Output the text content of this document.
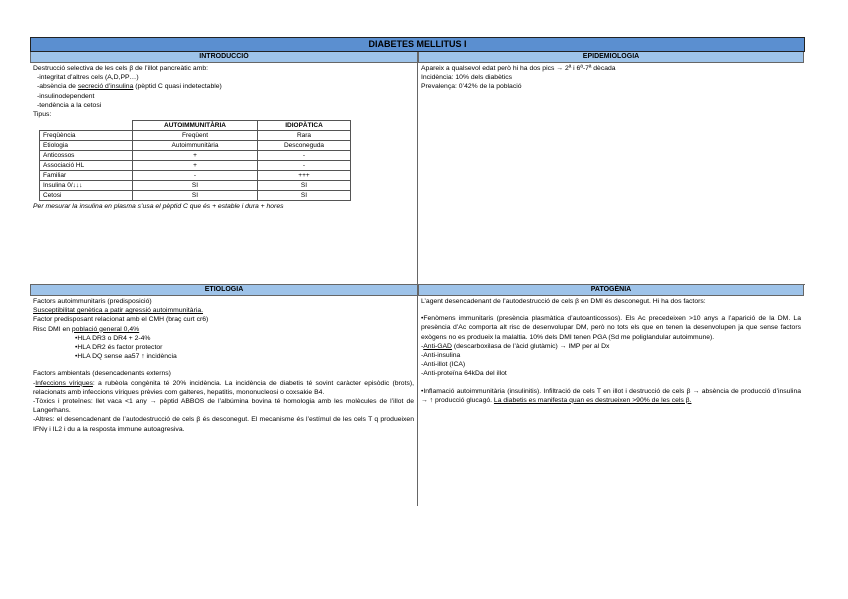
DIABETES MELLITUS I
INTRODUCCIÓ

Destrucció selectiva de les cels β de l’illot pancreàtic amb:

-integritat d’altres cels (A,D,PP…)

-absència de secreció d’insulina (pèptid C quasi indetectable)

-insulinodependent

-tendència a la cetosi

Tipus:

	AUTOIMMUNITÀRIA	IDIOPÀTICA
Freqüència	Freqüent	Rara
Etiologia	Autoimmunitària	Desconeguda
Anticossos	+	-
Associació HL	+	-
Familiar	-	+++
Insulina 0/↓↓↓	SI	SI
Cetosi	SI	SI

Per mesurar la insulina en plasma s’usa el pèptid C que és + estable i dura + hores

EPIDEMIOLOGIA

Apareix a qualsevol edat però hi ha dos pics → 2ª i 6ª-7ª dècada

Incidència: 10% dels diabètics

Prevalença: 0’42% de la població

ETIOLOGIA

Factors autoimmunitaris (predisposició)

Susceptibilitat genètica a patir agressió autoimmunitària.

Factor predisposant relacionat amb el CMH (braç curt cr6)

Risc DMI en població general 0,4%

•HLA DR3 o DR4 + 2-4%

•HLA DR2 és factor protector

•HLA DQ sense aa57 ↑ incidència

Factors ambientals (desencadenants externs)

-Infeccions víriques: a rubèola congènita té 20% incidència. La incidència de diabetis té sovint caràcter episòdic (brots), relacionats amb infeccions víriques prèvies com galteres, hepatitis, mononucleosi o coxsakie B4.

-Tòxics i proteïnes: llet vaca <1 any → pèptid ABBOS de l’albúmina bovina té homologia amb les molècules de l’illot de Langerhans.

-Altres: el desencadenant de l’autodestrucció de cels β és desconegut. El mecanisme és l’estímul de les cels T q produeixen IFNγ i IL2 i du a la resposta immune autoagresiva.

PATOGÈNIA

L’agent desencadenant de l’autodestrucció de cels β en DMI és desconegut. Hi ha dos factors:

•Fenòmens immunitaris (presència plasmàtica d’autoanticossos). Els Ac precedeixen >10 anys a l’aparició de la DM. La presència d’Ac comporta alt risc de desenvolupar DM, però no tots els que en tenen la desenvolupen ja que sense factors exògens no es produeix la malaltia. 10% dels DMI tenen PGA (Sd me poliglandular autoimmune).

-Anti-GAD (descarboxilasa de l’àcid glutàmic) → IMP per al Dx

-Anti-insulina

-Anti-illot (ICA)

-Anti-proteïna 64kDa del illot

•Inflamació autoimmunitària (insulinitis). Infiltració de cels T en illot i destrucció de cels β → absència de producció d’insulina → ↑ producció glucagó. La diabetis es manifesta quan es destrueixen >90% de les cels β.
